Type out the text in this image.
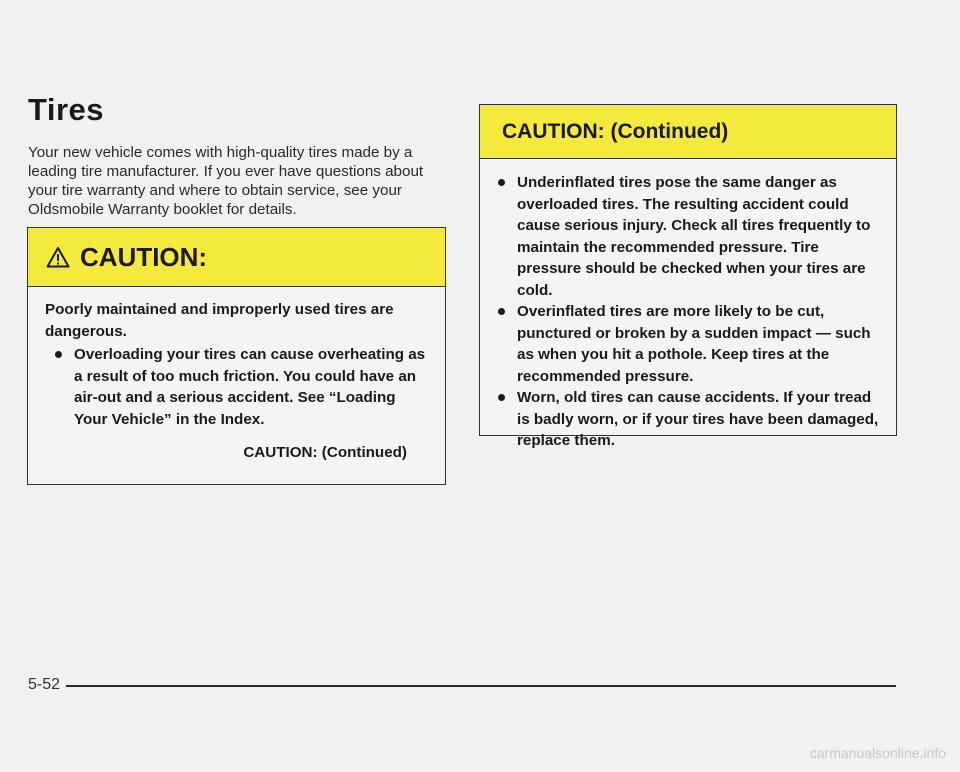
Tires

Your new vehicle comes with high-quality tires made by a leading tire manufacturer. If you ever have questions about your tire warranty and where to obtain service, see your Oldsmobile Warranty booklet for details.

CAUTION:

Poorly maintained and improperly used tires are dangerous.

Overloading your tires can cause overheating as a result of too much friction. You could have an air-out and a serious accident. See “Loading Your Vehicle” in the Index.
CAUTION: (Continued)
CAUTION: (Continued)
Underinflated tires pose the same danger as overloaded tires. The resulting accident could cause serious injury. Check all tires frequently to maintain the recommended pressure. Tire pressure should be checked when your tires are cold.
Overinflated tires are more likely to be cut, punctured or broken by a sudden impact — such as when you hit a pothole. Keep tires at the recommended pressure.
Worn, old tires can cause accidents. If your tread is badly worn, or if your tires have been damaged, replace them.
5-52
carmanualsonline.info
